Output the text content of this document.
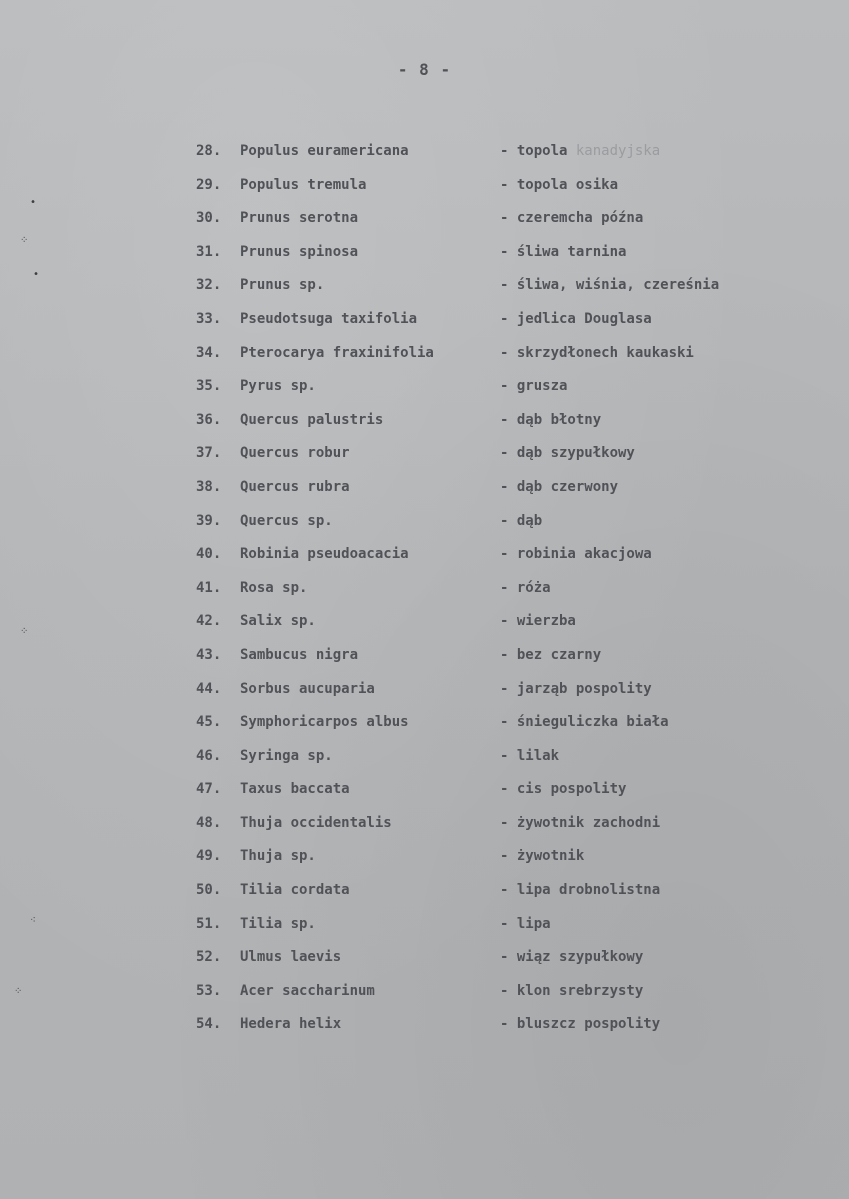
- 8 -
28.	Populus euramericana	- topola kanadyjska
29.	Populus tremula	- topola osika
30.	Prunus serotna	- czeremcha późna
31.	Prunus spinosa	- śliwa tarnina
32.	Prunus sp.	- śliwa, wiśnia, czereśnia
33.	Pseudotsuga taxifolia	- jedlica Douglasa
34.	Pterocarya fraxinifolia	- skrzydłonech kaukaski
35.	Pyrus sp.	- grusza
36.	Quercus palustris	- dąb błotny
37.	Quercus robur	- dąb szypułkowy
38.	Quercus rubra	- dąb czerwony
39.	Quercus sp.	- dąb
40.	Robinia pseudoacacia	- robinia akacjowa
41.	Rosa sp.	- róża
42.	Salix sp.	- wierzba
43.	Sambucus nigra	- bez czarny
44.	Sorbus aucuparia	- jarząb pospolity
45.	Symphoricarpos albus	- śnieguliczka biała
46.	Syringa sp.	- lilak
47.	Taxus baccata	- cis pospolity
48.	Thuja occidentalis	- żywotnik zachodni
49.	Thuja sp.	- żywotnik
50.	Tilia cordata	- lipa drobnolistna
51.	Tilia sp.	- lipa
52.	Ulmus laevis	- wiąz szypułkowy
53.	Acer saccharinum	- klon srebrzysty
54.	Hedera helix	- bluszcz pospolity
•
⁘
•
⁘
⁖
⁘
